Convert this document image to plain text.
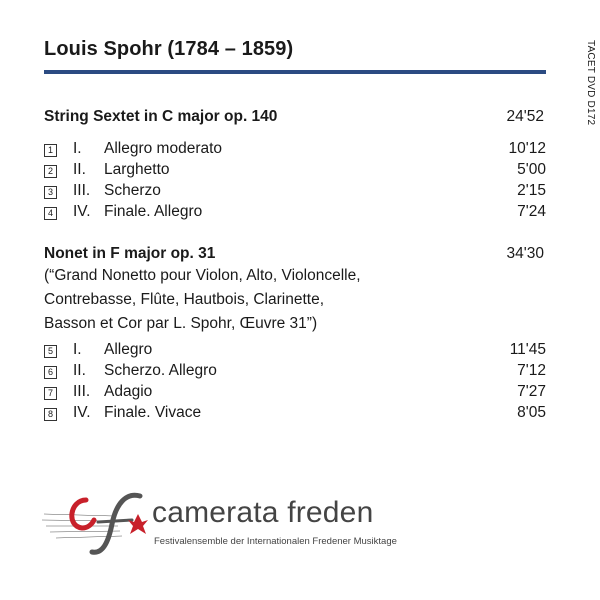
Louis Spohr (1784 – 1859)	TACET DVD D172
String Sextet in C major op. 140	24'52
1 I. Allegro moderato	10'12
2 II. Larghetto	5'00
3 III. Scherzo	2'15
4 IV. Finale. Allegro	7'24
Nonet in F major op. 31	34'30
(“Grand Nonetto pour Violon, Alto, Violoncelle,
Contrebasse, Flûte, Hautbois, Clarinette,
Basson et Cor par L. Spohr, Œuvre 31”)
5 I. Allegro	11'45
6 II. Scherzo. Allegro	7'12
7 III. Adagio	7'27
8 IV. Finale. Vivace	8'05
camerata freden
Festivalensemble der Internationalen Fredener Musiktage
